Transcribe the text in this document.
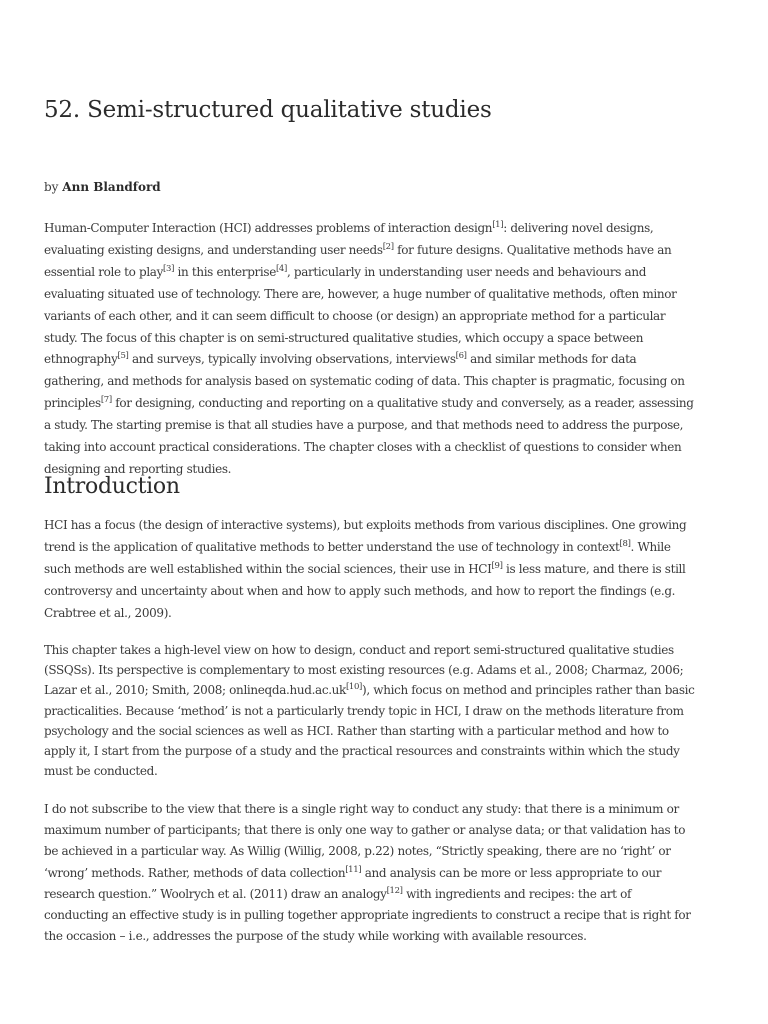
52. Semi-structured qualitative studies
by Ann Blandford

Human-Computer Interaction (HCI) addresses problems of interaction design[1]: delivering novel designs, evaluating existing designs, and understanding user needs[2] for future designs. Qualitative methods have an essential role to play[3] in this enterprise[4], particularly in understanding user needs and behaviours and evaluating situated use of technology. There are, however, a huge number of qualitative methods, often minor variants of each other, and it can seem difficult to choose (or design) an appropriate method for a particular study. The focus of this chapter is on semi-structured qualitative studies, which occupy a space between ethnography[5] and surveys, typically involving observations, interviews[6] and similar methods for data gathering, and methods for analysis based on systematic coding of data. This chapter is pragmatic, focusing on principles[7] for designing, conducting and reporting on a qualitative study and conversely, as a reader, assessing a study. The starting premise is that all studies have a purpose, and that methods need to address the purpose, taking into account practical considerations. The chapter closes with a checklist of questions to consider when designing and reporting studies.

Introduction

HCI has a focus (the design of interactive systems), but exploits methods from various disciplines. One growing trend is the application of qualitative methods to better understand the use of technology in context[8]. While such methods are well established within the social sciences, their use in HCI[9] is less mature, and there is still controversy and uncertainty about when and how to apply such methods, and how to report the findings (e.g. Crabtree et al., 2009).

This chapter takes a high-level view on how to design, conduct and report semi-structured qualitative studies (SSQSs). Its perspective is complementary to most existing resources (e.g. Adams et al., 2008; Charmaz, 2006; Lazar et al., 2010; Smith, 2008; onlineqda.hud.ac.uk[10]), which focus on method and principles rather than basic practicalities. Because ‘method’ is not a particularly trendy topic in HCI, I draw on the methods literature from psychology and the social sciences as well as HCI. Rather than starting with a particular method and how to apply it, I start from the purpose of a study and the practical resources and constraints within which the study must be conducted.

I do not subscribe to the view that there is a single right way to conduct any study: that there is a minimum or maximum number of participants; that there is only one way to gather or analyse data; or that validation has to be achieved in a particular way. As Willig (Willig, 2008, p.22) notes, “Strictly speaking, there are no ‘right’ or ‘wrong’ methods. Rather, methods of data collection[11] and analysis can be more or less appropriate to our research question.” Woolrych et al. (2011) draw an analogy[12] with ingredients and recipes: the art of conducting an effective study is in pulling together appropriate ingredients to construct a recipe that is right for the occasion – i.e., addresses the purpose of the study while working with available resources.
